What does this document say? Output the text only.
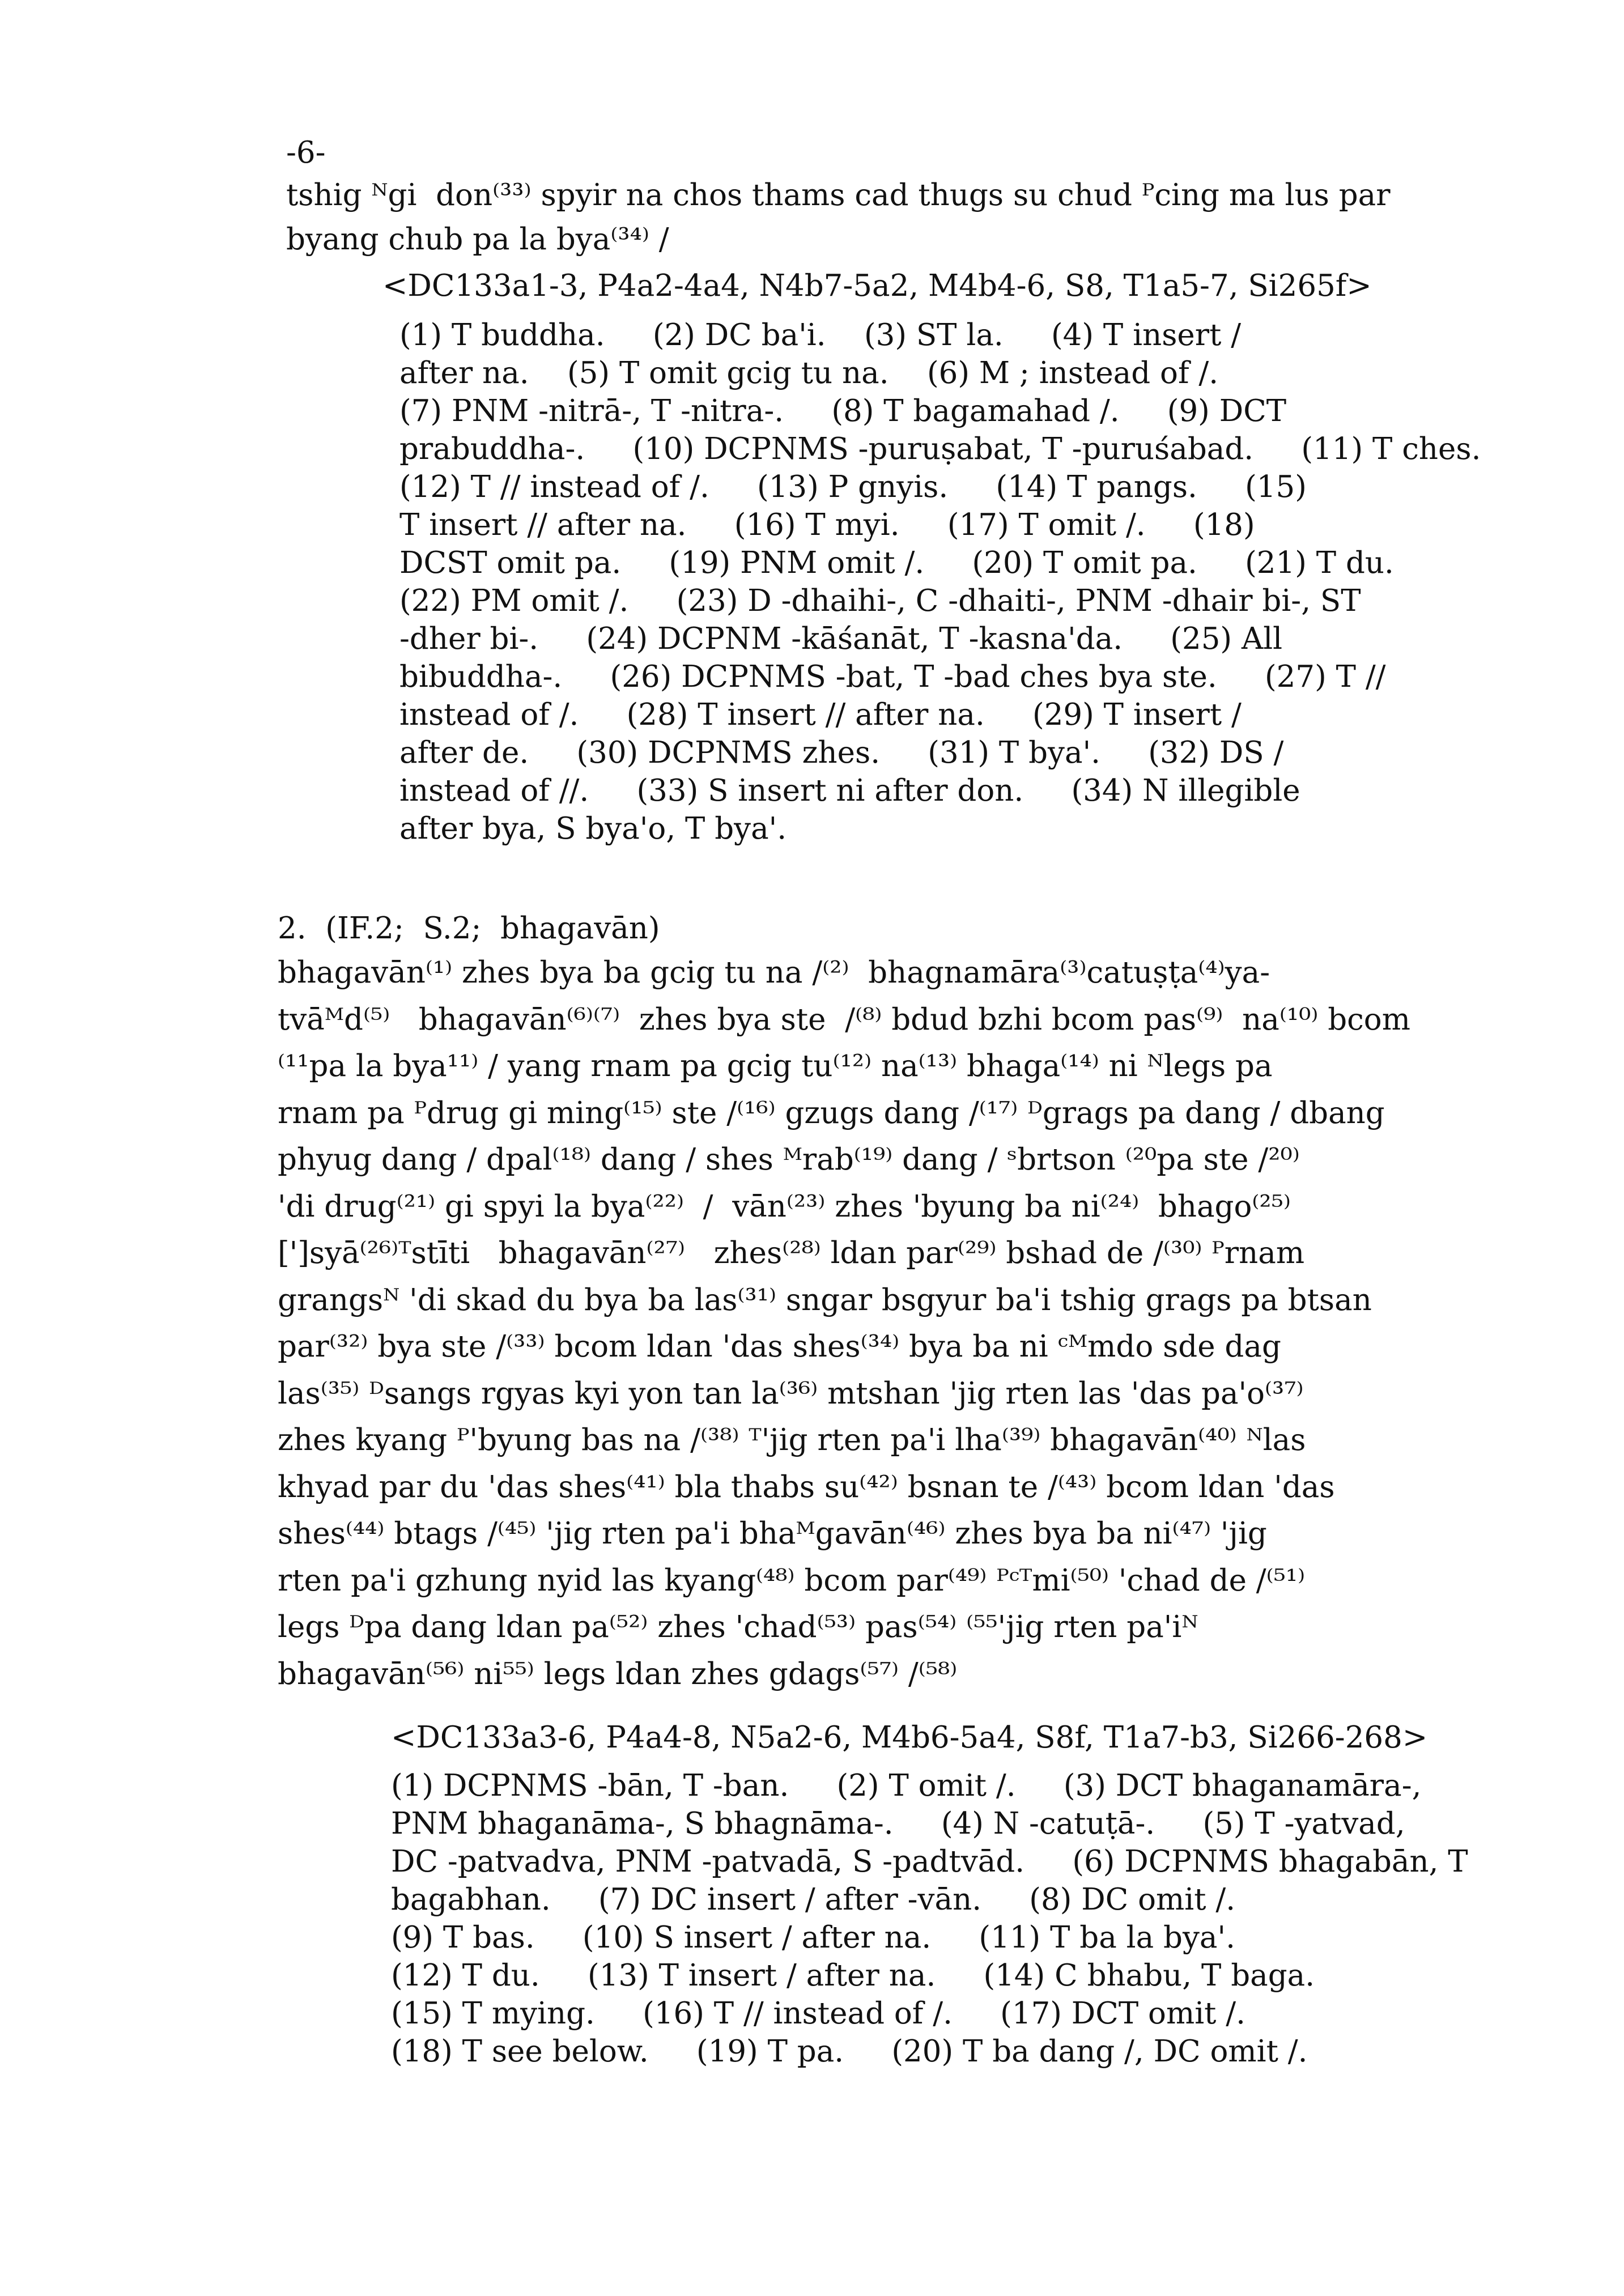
-6-
tshig ᴺgi  don⁽³³⁾ spyir na chos thams cad thugs su chud ᴾcing ma lus par
byang chub pa la bya⁽³⁴⁾ /
<DC133a1-3, P4a2-4a4, N4b7-5a2, M4b4-6, S8, T1a5-7, Si265f>
(1) T buddha.     (2) DC ba'i.    (3) ST la.     (4) T insert /
after na.    (5) T omit gcig tu na.    (6) M ; instead of /.
(7) PNM -nitrā-, T -nitra-.     (8) T bagamahad /.     (9) DCT
prabuddha-.     (10) DCPNMS -puruṣabat, T -puruśabad.     (11) T ches.
(12) T // instead of /.     (13) P gnyis.     (14) T pangs.     (15)
T insert // after na.     (16) T myi.     (17) T omit /.     (18)
DCST omit pa.     (19) PNM omit /.     (20) T omit pa.     (21) T du.
(22) PM omit /.     (23) D -dhaihi-, C -dhaiti-, PNM -dhair bi-, ST
-dher bi-.     (24) DCPNM -kāśanāt, T -kasna'da.     (25) All
bibuddha-.     (26) DCPNMS -bat, T -bad ches bya ste.     (27) T //
instead of /.     (28) T insert // after na.     (29) T insert /
after de.     (30) DCPNMS zhes.     (31) T bya'.     (32) DS /
instead of //.     (33) S insert ni after don.     (34) N illegible
after bya, S bya'o, T bya'.
2.  (IF.2;  S.2;  bhagavān)
bhagavān⁽¹⁾ zhes bya ba gcig tu na /⁽²⁾  bhagnamāra⁽³⁾catuṣṭa⁽⁴⁾ya-
tvāᴹd⁽⁵⁾   bhagavān⁽⁶⁾⁽⁷⁾  zhes bya ste  /⁽⁸⁾ bdud bzhi bcom pas⁽⁹⁾  na⁽¹⁰⁾ bcom
⁽¹¹pa la bya¹¹⁾ / yang rnam pa gcig tu⁽¹²⁾ na⁽¹³⁾ bhaga⁽¹⁴⁾ ni ᴺlegs pa
rnam pa ᴾdrug gi ming⁽¹⁵⁾ ste /⁽¹⁶⁾ gzugs dang /⁽¹⁷⁾ ᴰgrags pa dang / dbang
phyug dang / dpal⁽¹⁸⁾ dang / shes ᴹrab⁽¹⁹⁾ dang / ˢbrtson ⁽²⁰pa ste /²⁰⁾
'di drug⁽²¹⁾ gi spyi la bya⁽²²⁾  /  vān⁽²³⁾ zhes 'byung ba ni⁽²⁴⁾  bhago⁽²⁵⁾
[']syā⁽²⁶⁾ᵀstīti   bhagavān⁽²⁷⁾   zhes⁽²⁸⁾ ldan par⁽²⁹⁾ bshad de /⁽³⁰⁾ ᴾrnam
grangsᴺ 'di skad du bya ba las⁽³¹⁾ sngar bsgyur ba'i tshig grags pa btsan
par⁽³²⁾ bya ste /⁽³³⁾ bcom ldan 'das shes⁽³⁴⁾ bya ba ni ᶜᴹmdo sde dag
las⁽³⁵⁾ ᴰsangs rgyas kyi yon tan la⁽³⁶⁾ mtshan 'jig rten las 'das pa'o⁽³⁷⁾
zhes kyang ᴾ'byung bas na /⁽³⁸⁾ ᵀ'jig rten pa'i lha⁽³⁹⁾ bhagavān⁽⁴⁰⁾ ᴺlas
khyad par du 'das shes⁽⁴¹⁾ bla thabs su⁽⁴²⁾ bsnan te /⁽⁴³⁾ bcom ldan 'das
shes⁽⁴⁴⁾ btags /⁽⁴⁵⁾ 'jig rten pa'i bhaᴹgavān⁽⁴⁶⁾ zhes bya ba ni⁽⁴⁷⁾ 'jig
rten pa'i gzhung nyid las kyang⁽⁴⁸⁾ bcom par⁽⁴⁹⁾ ᴾᶜᵀmi⁽⁵⁰⁾ 'chad de /⁽⁵¹⁾
legs ᴰpa dang ldan pa⁽⁵²⁾ zhes 'chad⁽⁵³⁾ pas⁽⁵⁴⁾ ⁽⁵⁵'jig rten pa'iᴺ
bhagavān⁽⁵⁶⁾ ni⁵⁵⁾ legs ldan zhes gdags⁽⁵⁷⁾ /⁽⁵⁸⁾
<DC133a3-6, P4a4-8, N5a2-6, M4b6-5a4, S8f, T1a7-b3, Si266-268>
(1) DCPNMS -bān, T -ban.     (2) T omit /.     (3) DCT bhaganamāra-,
PNM bhaganāma-, S bhagnāma-.     (4) N -catuṭā-.     (5) T -yatvad,
DC -patvadva, PNM -patvadā, S -padtvād.     (6) DCPNMS bhagabān, T
bagabhan.     (7) DC insert / after -vān.     (8) DC omit /.
(9) T bas.     (10) S insert / after na.     (11) T ba la bya'.
(12) T du.     (13) T insert / after na.     (14) C bhabu, T baga.
(15) T mying.     (16) T // instead of /.     (17) DCT omit /.
(18) T see below.     (19) T pa.     (20) T ba dang /, DC omit /.
